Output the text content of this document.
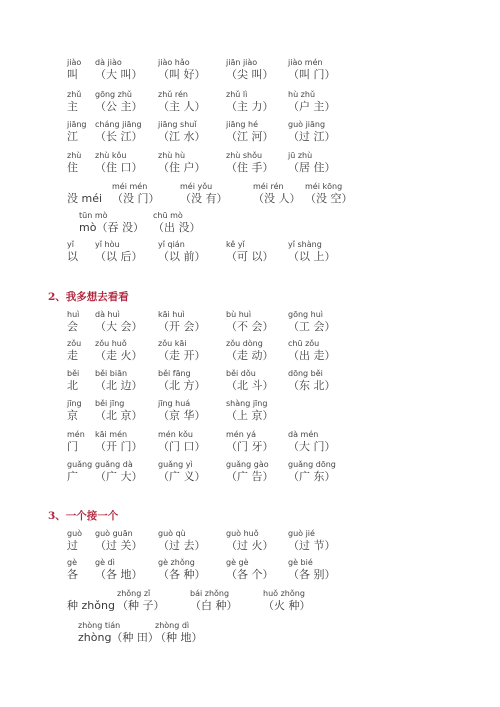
2、我多想去看看
3、一个接一个
jiào
叫
dà jiào
（大 叫）
jiào hǎo
（叫 好）
jiān jiào
（尖 叫）
jiào mén
（叫 门）
zhǔ
主
gōng zhǔ
（公 主）
zhǔ rén
（主 人）
zhǔ lì
（主 力）
hù zhǔ
（户 主）
jiāng
江
cháng jiāng
（长 江）
jiāng shuǐ
（江 水）
jiāng hé
（江 河）
guò jiāng
（过 江）
zhù
住
zhù kǒu
（住 口）
zhù hù
（住 户）
zhù shǒu
（住 手）
jū zhù
（居 住）
没 méi
méi mén
（没 门）
méi yǒu
（没 有）
méi rén
（没 人）
méi kōng
（没 空）
tūn mò
mò（吞 没）
chū mò
（出 没）
yǐ
以
yǐ hòu
（以 后）
yǐ qián
（以 前）
kě yǐ
（可 以）
yǐ shàng
（以 上）
huì
会
dà huì
（大 会）
kāi huì
（开 会）
bù huì
（不 会）
gōng huì
（工 会）
zǒu
走
zǒu huǒ
（走 火）
zǒu kāi
（走 开）
zǒu dòng
（走 动）
chū zǒu
（出 走）
běi
北
běi biān
（北 边）
běi fāng
（北 方）
běi dǒu
（北 斗）
dōng běi
（东 北）
jīng
京
běi jīng
（北 京）
jīng huá
（京 华）
shàng jīng
（上 京）
mén
门
kāi mén
（开 门）
mén kǒu
（门 口）
mén yá
（门 牙）
dà mén
（大 门）
guǎng
广
guǎng dà
（广 大）
guǎng yì
（广 义）
guǎng gào
（广 告）
guǎng dōng
（广 东）
guò
过
guò guān
（过 关）
guò qù
（过 去）
guò huǒ
（过 火）
guò jié
（过 节）
gè
各
gè dì
（各 地）
gè zhǒng
（各 种）
gè gè
（各 个）
gè bié
（各 别）
种 zhǒng
zhǒng zǐ
（种 子）
bái zhǒng
（白 种）
huǒ zhǒng
（火 种）
zhòng tián
zhòng（种 田）
zhòng dì
（种 地）
